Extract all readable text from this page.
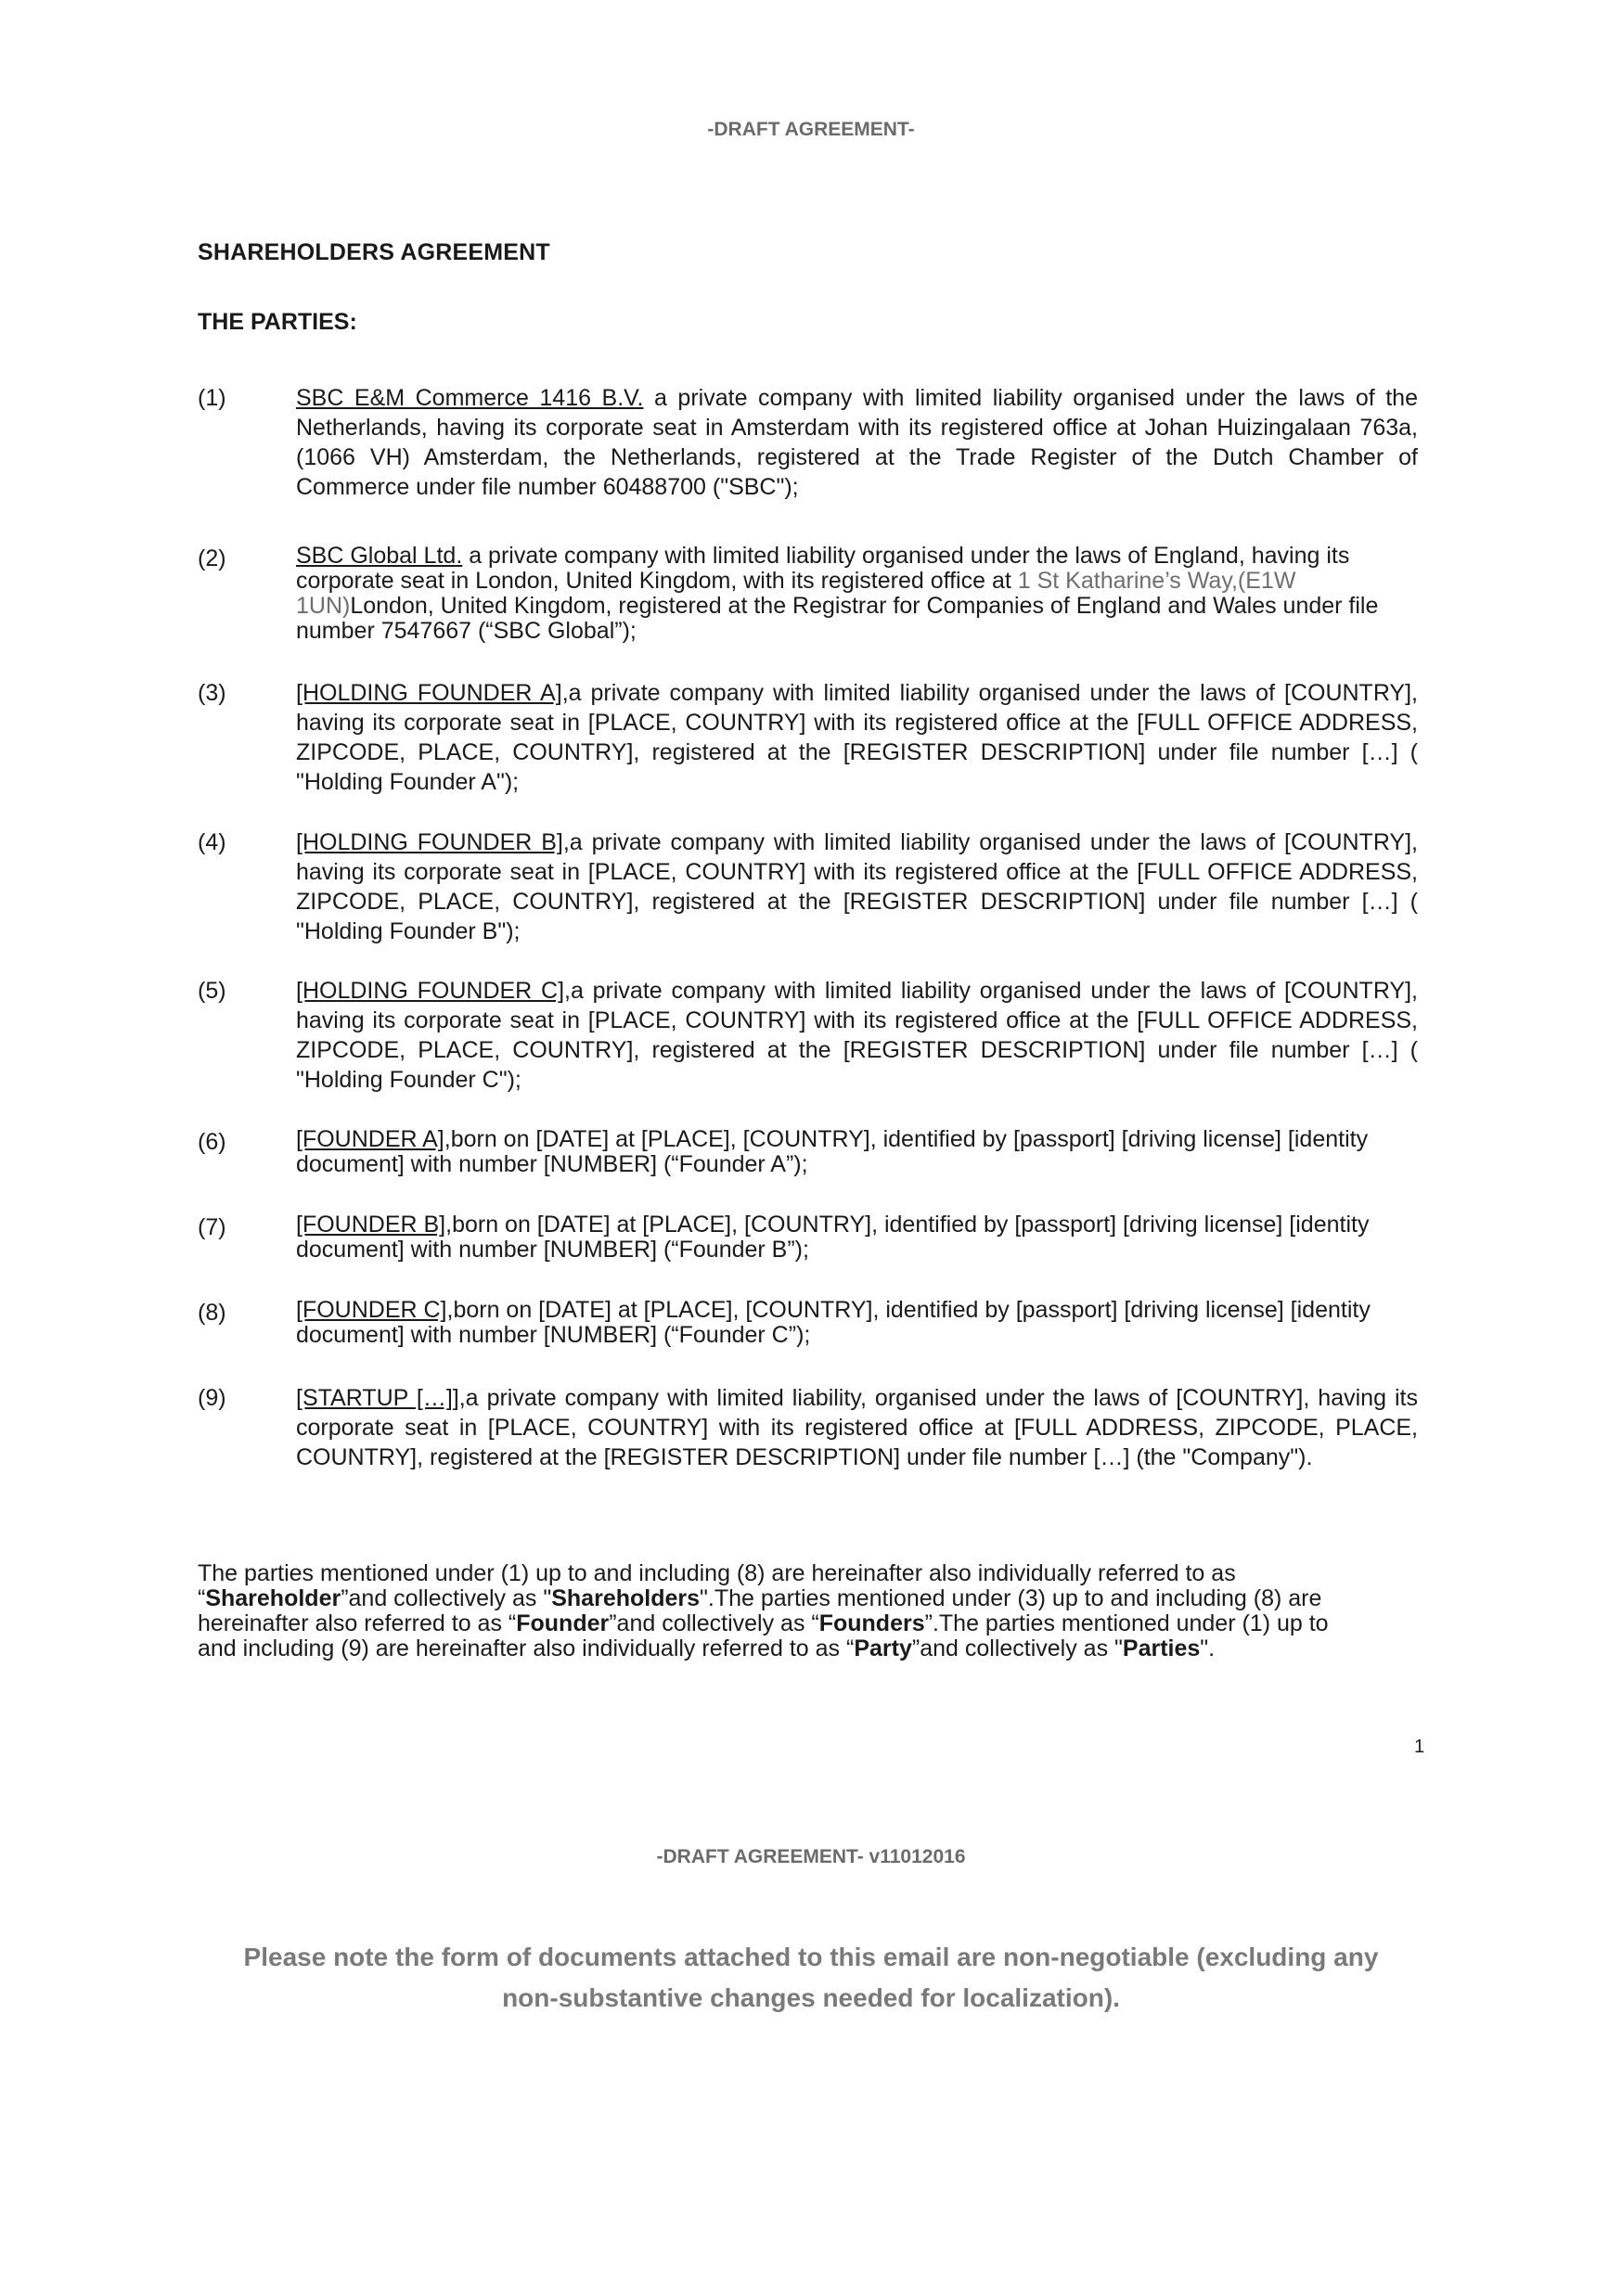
-DRAFT AGREEMENT-
SHAREHOLDERS AGREEMENT
THE PARTIES:
(1)	SBC E&M Commerce 1416 B.V. a private company with limited liability organised under the laws of the Netherlands, having its corporate seat in Amsterdam with its registered office at Johan Huizingalaan 763a, (1066 VH) Amsterdam, the Netherlands, registered at the Trade Register of the Dutch Chamber of Commerce under file number 60488700 ("SBC");
(2)	SBC Global Ltd. a private company with limited liability organised under the laws of England, having its corporate seat in London, United Kingdom, with its registered office at 1 St Katharine’s Way,(E1W 1UN)London, United Kingdom, registered at the Registrar for Companies of England and Wales under file number 7547667 (“SBC Global”);
(3)	[HOLDING FOUNDER A],a private company with limited liability organised under the laws of [COUNTRY], having its corporate seat in [PLACE, COUNTRY] with its registered office at the [FULL OFFICE ADDRESS, ZIPCODE, PLACE, COUNTRY], registered at the [REGISTER DESCRIPTION] under file number […] ( "Holding Founder A");
(4)	[HOLDING FOUNDER B],a private company with limited liability organised under the laws of [COUNTRY], having its corporate seat in [PLACE, COUNTRY] with its registered office at the [FULL OFFICE ADDRESS, ZIPCODE, PLACE, COUNTRY], registered at the [REGISTER DESCRIPTION] under file number […] ( "Holding Founder B");
(5)	[HOLDING FOUNDER C],a private company with limited liability organised under the laws of [COUNTRY], having its corporate seat in [PLACE, COUNTRY] with its registered office at the [FULL OFFICE ADDRESS, ZIPCODE, PLACE, COUNTRY], registered at the [REGISTER DESCRIPTION] under file number […] ( "Holding Founder C");
(6)	[FOUNDER A],born on [DATE] at [PLACE], [COUNTRY], identified by [passport] [driving license] [identity document] with number [NUMBER] (“Founder A”);
(7)	[FOUNDER B],born on [DATE] at [PLACE], [COUNTRY], identified by [passport] [driving license] [identity document] with number [NUMBER] (“Founder B”);
(8)	[FOUNDER C],born on [DATE] at [PLACE], [COUNTRY], identified by [passport] [driving license] [identity document] with number [NUMBER] (“Founder C”);
(9)	[STARTUP […]],a private company with limited liability, organised under the laws of [COUNTRY], having its corporate seat in [PLACE, COUNTRY] with its registered office at [FULL ADDRESS, ZIPCODE, PLACE, COUNTRY], registered at the [REGISTER DESCRIPTION] under file number […] (the "Company").
The parties mentioned under (1) up to and including (8) are hereinafter also individually referred to as “Shareholder”and collectively as "Shareholders".The parties mentioned under (3) up to and including (8) are hereinafter also referred to as “Founder”and collectively as “Founders”.The parties mentioned under (1) up to and including (9) are hereinafter also individually referred to as “Party”and collectively as "Parties".
1
-DRAFT AGREEMENT- v11012016
Please note the form of documents attached to this email are non-negotiable (excluding any
non-substantive changes needed for localization).
